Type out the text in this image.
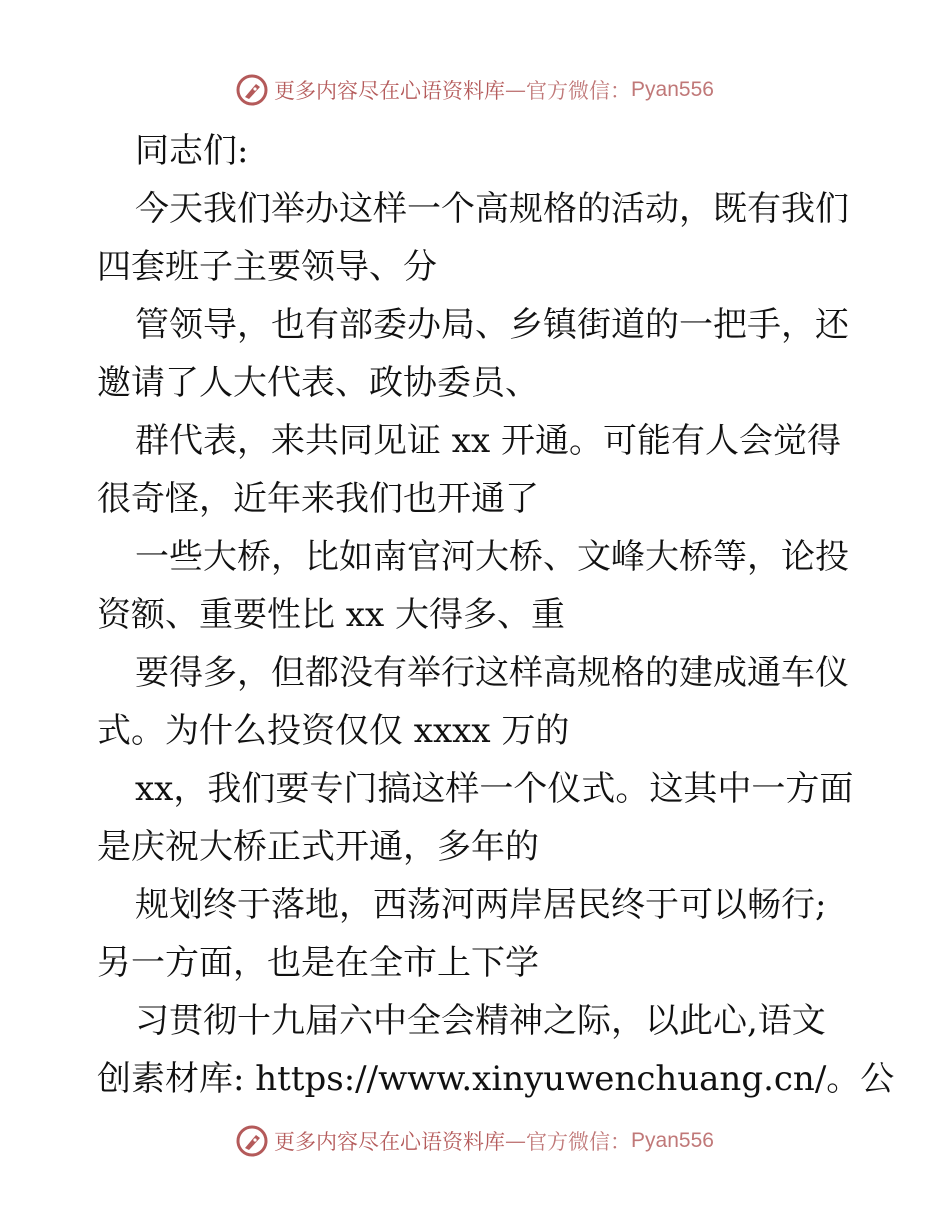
更多内容尽在心语资料库 — 官方微信： Pyan556

同志们:

今天我们举办这样一个高规格的活动，既有我们

四套班子主要领导、分

管领导，也有部委办局、乡镇街道的一把手，还

邀请了人大代表、政协委员、

群代表，来共同见证 xx 开通。可能有人会觉得

很奇怪，近年来我们也开通了

一些大桥，比如南官河大桥、文峰大桥等，论投

资额、重要性比 xx 大得多、重

要得多，但都没有举行这样高规格的建成通车仪

式。为什么投资仅仅 xxxx 万的

xx，我们要专门搞这样一个仪式。这其中一方面

是庆祝大桥正式开通，多年的

规划终于落地，西荡河两岸居民终于可以畅行;

另一方面，也是在全市上下学

习贯彻十九届六中全会精神之际，以此心,语文

创素材库: https://www.xinyuwenchuang.cn/。公

更多内容尽在心语资料库 — 官方微信： Pyan556
